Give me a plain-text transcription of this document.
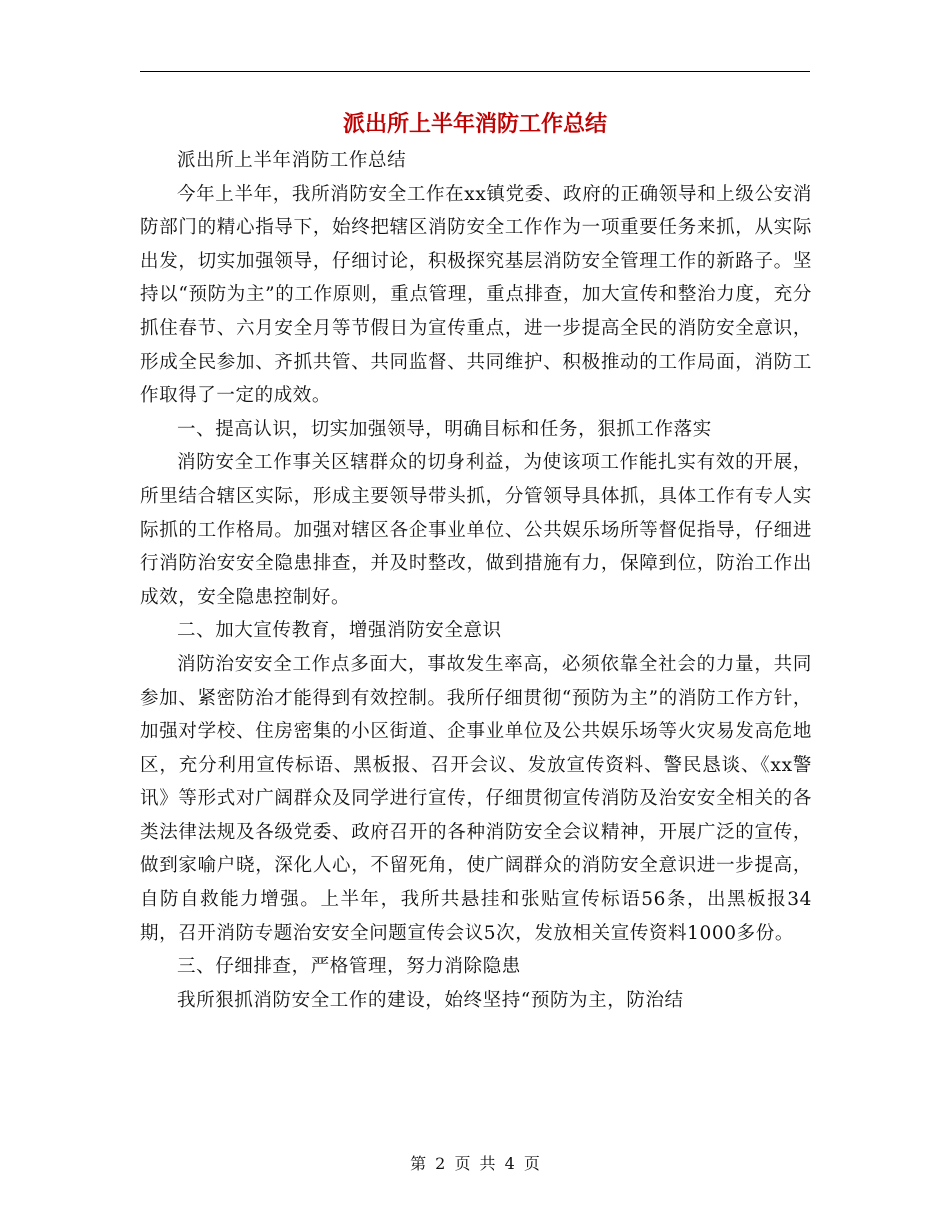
派出所上半年消防工作总结

派出所上半年消防工作总结

今年上半年，我所消防安全工作在xx镇党委、政府的正确领导和上级公安消防部门的精心指导下，始终把辖区消防安全工作作为一项重要任务来抓，从实际出发，切实加强领导，仔细讨论，积极探究基层消防安全管理工作的新路子。坚持以“预防为主”的工作原则，重点管理，重点排查，加大宣传和整治力度，充分抓住春节、六月安全月等节假日为宣传重点，进一步提高全民的消防安全意识，形成全民参加、齐抓共管、共同监督、共同维护、积极推动的工作局面，消防工作取得了一定的成效。

一、提高认识，切实加强领导，明确目标和任务，狠抓工作落实

消防安全工作事关区辖群众的切身利益，为使该项工作能扎实有效的开展，所里结合辖区实际，形成主要领导带头抓，分管领导具体抓，具体工作有专人实际抓的工作格局。加强对辖区各企事业单位、公共娱乐场所等督促指导，仔细进行消防治安安全隐患排查，并及时整改，做到措施有力，保障到位，防治工作出成效，安全隐患控制好。

二、加大宣传教育，增强消防安全意识

消防治安安全工作点多面大，事故发生率高，必须依靠全社会的力量，共同参加、紧密防治才能得到有效控制。我所仔细贯彻“预防为主”的消防工作方针，加强对学校、住房密集的小区街道、企事业单位及公共娱乐场等火灾易发高危地区，充分利用宣传标语、黑板报、召开会议、发放宣传资料、警民恳谈、《xx警讯》等形式对广阔群众及同学进行宣传，仔细贯彻宣传消防及治安安全相关的各类法律法规及各级党委、政府召开的各种消防安全会议精神，开展广泛的宣传，做到家喻户晓，深化人心，不留死角，使广阔群众的消防安全意识进一步提高，自防自救能力增强。上半年，我所共悬挂和张贴宣传标语56条，出黑板报34期，召开消防专题治安安全问题宣传会议5次，发放相关宣传资料1000多份。

三、仔细排查，严格管理，努力消除隐患

我所狠抓消防安全工作的建设，始终坚持“预防为主，防治结

第 2 页 共 4 页
